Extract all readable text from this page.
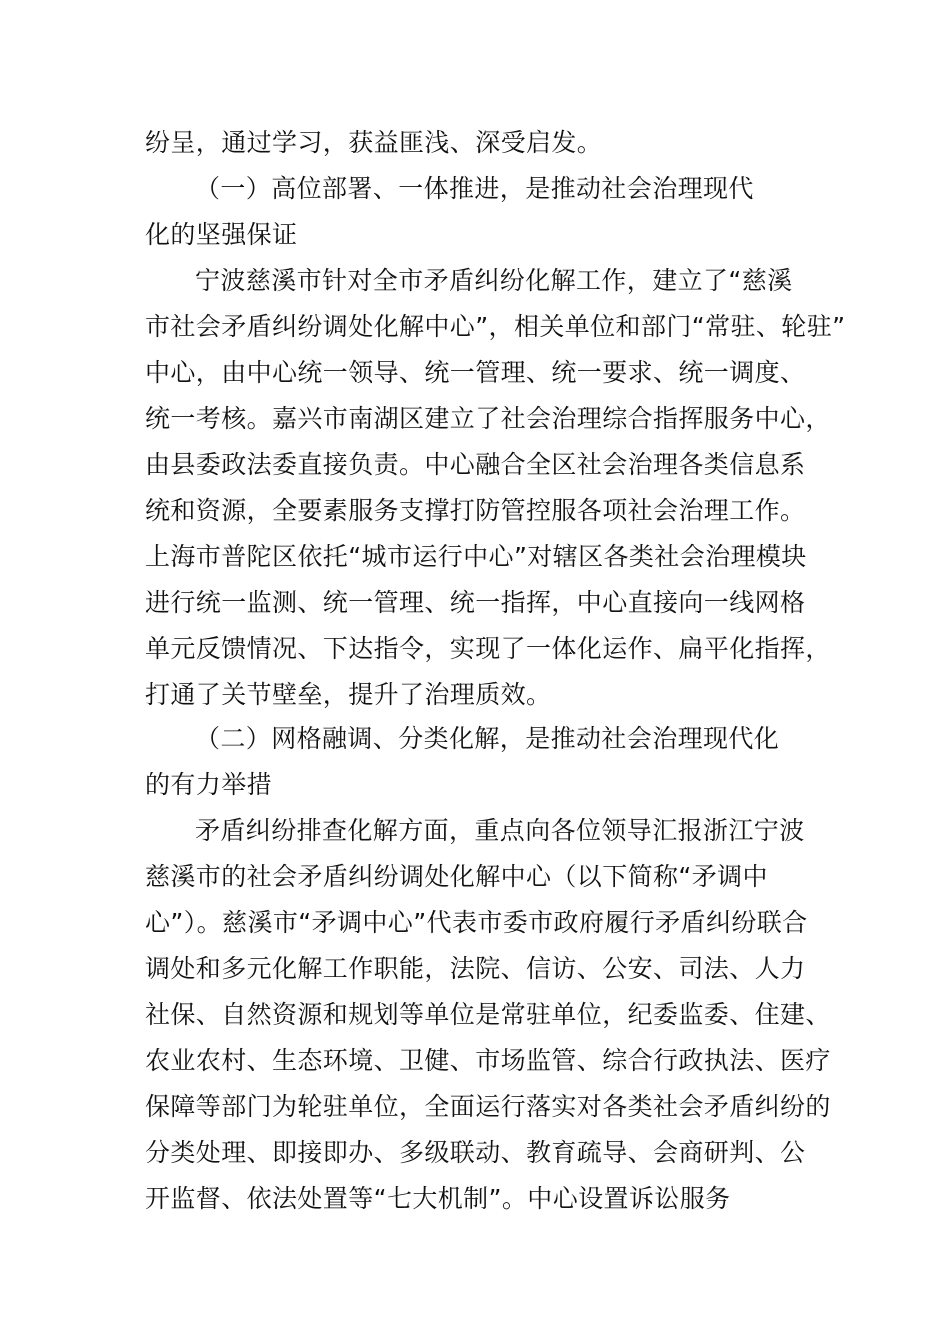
纷呈，通过学习，获益匪浅、深受启发。
（一）高位部署、一体推进，是推动社会治理现代
化的坚强保证
宁波慈溪市针对全市矛盾纠纷化解工作，建立了“慈溪
市社会矛盾纠纷调处化解中心”，相关单位和部门“常驻、轮驻”
中心，由中心统一领导、统一管理、统一要求、统一调度、
统一考核。嘉兴市南湖区建立了社会治理综合指挥服务中心，
由县委政法委直接负责。中心融合全区社会治理各类信息系
统和资源，全要素服务支撑打防管控服各项社会治理工作。
上海市普陀区依托“城市运行中心”对辖区各类社会治理模块
进行统一监测、统一管理、统一指挥，中心直接向一线网格
单元反馈情况、下达指令，实现了一体化运作、扁平化指挥，
打通了关节壁垒，提升了治理质效。
（二）网格融调、分类化解，是推动社会治理现代化
的有力举措
矛盾纠纷排查化解方面，重点向各位领导汇报浙江宁波
慈溪市的社会矛盾纠纷调处化解中心（以下简称“矛调中
心”）。慈溪市“矛调中心”代表市委市政府履行矛盾纠纷联合
调处和多元化解工作职能，法院、信访、公安、司法、人力
社保、自然资源和规划等单位是常驻单位，纪委监委、住建、
农业农村、生态环境、卫健、市场监管、综合行政执法、医疗
保障等部门为轮驻单位，全面运行落实对各类社会矛盾纠纷的
分类处理、即接即办、多级联动、教育疏导、会商研判、公
开监督、依法处置等“七大机制”。中心设置诉讼服务
